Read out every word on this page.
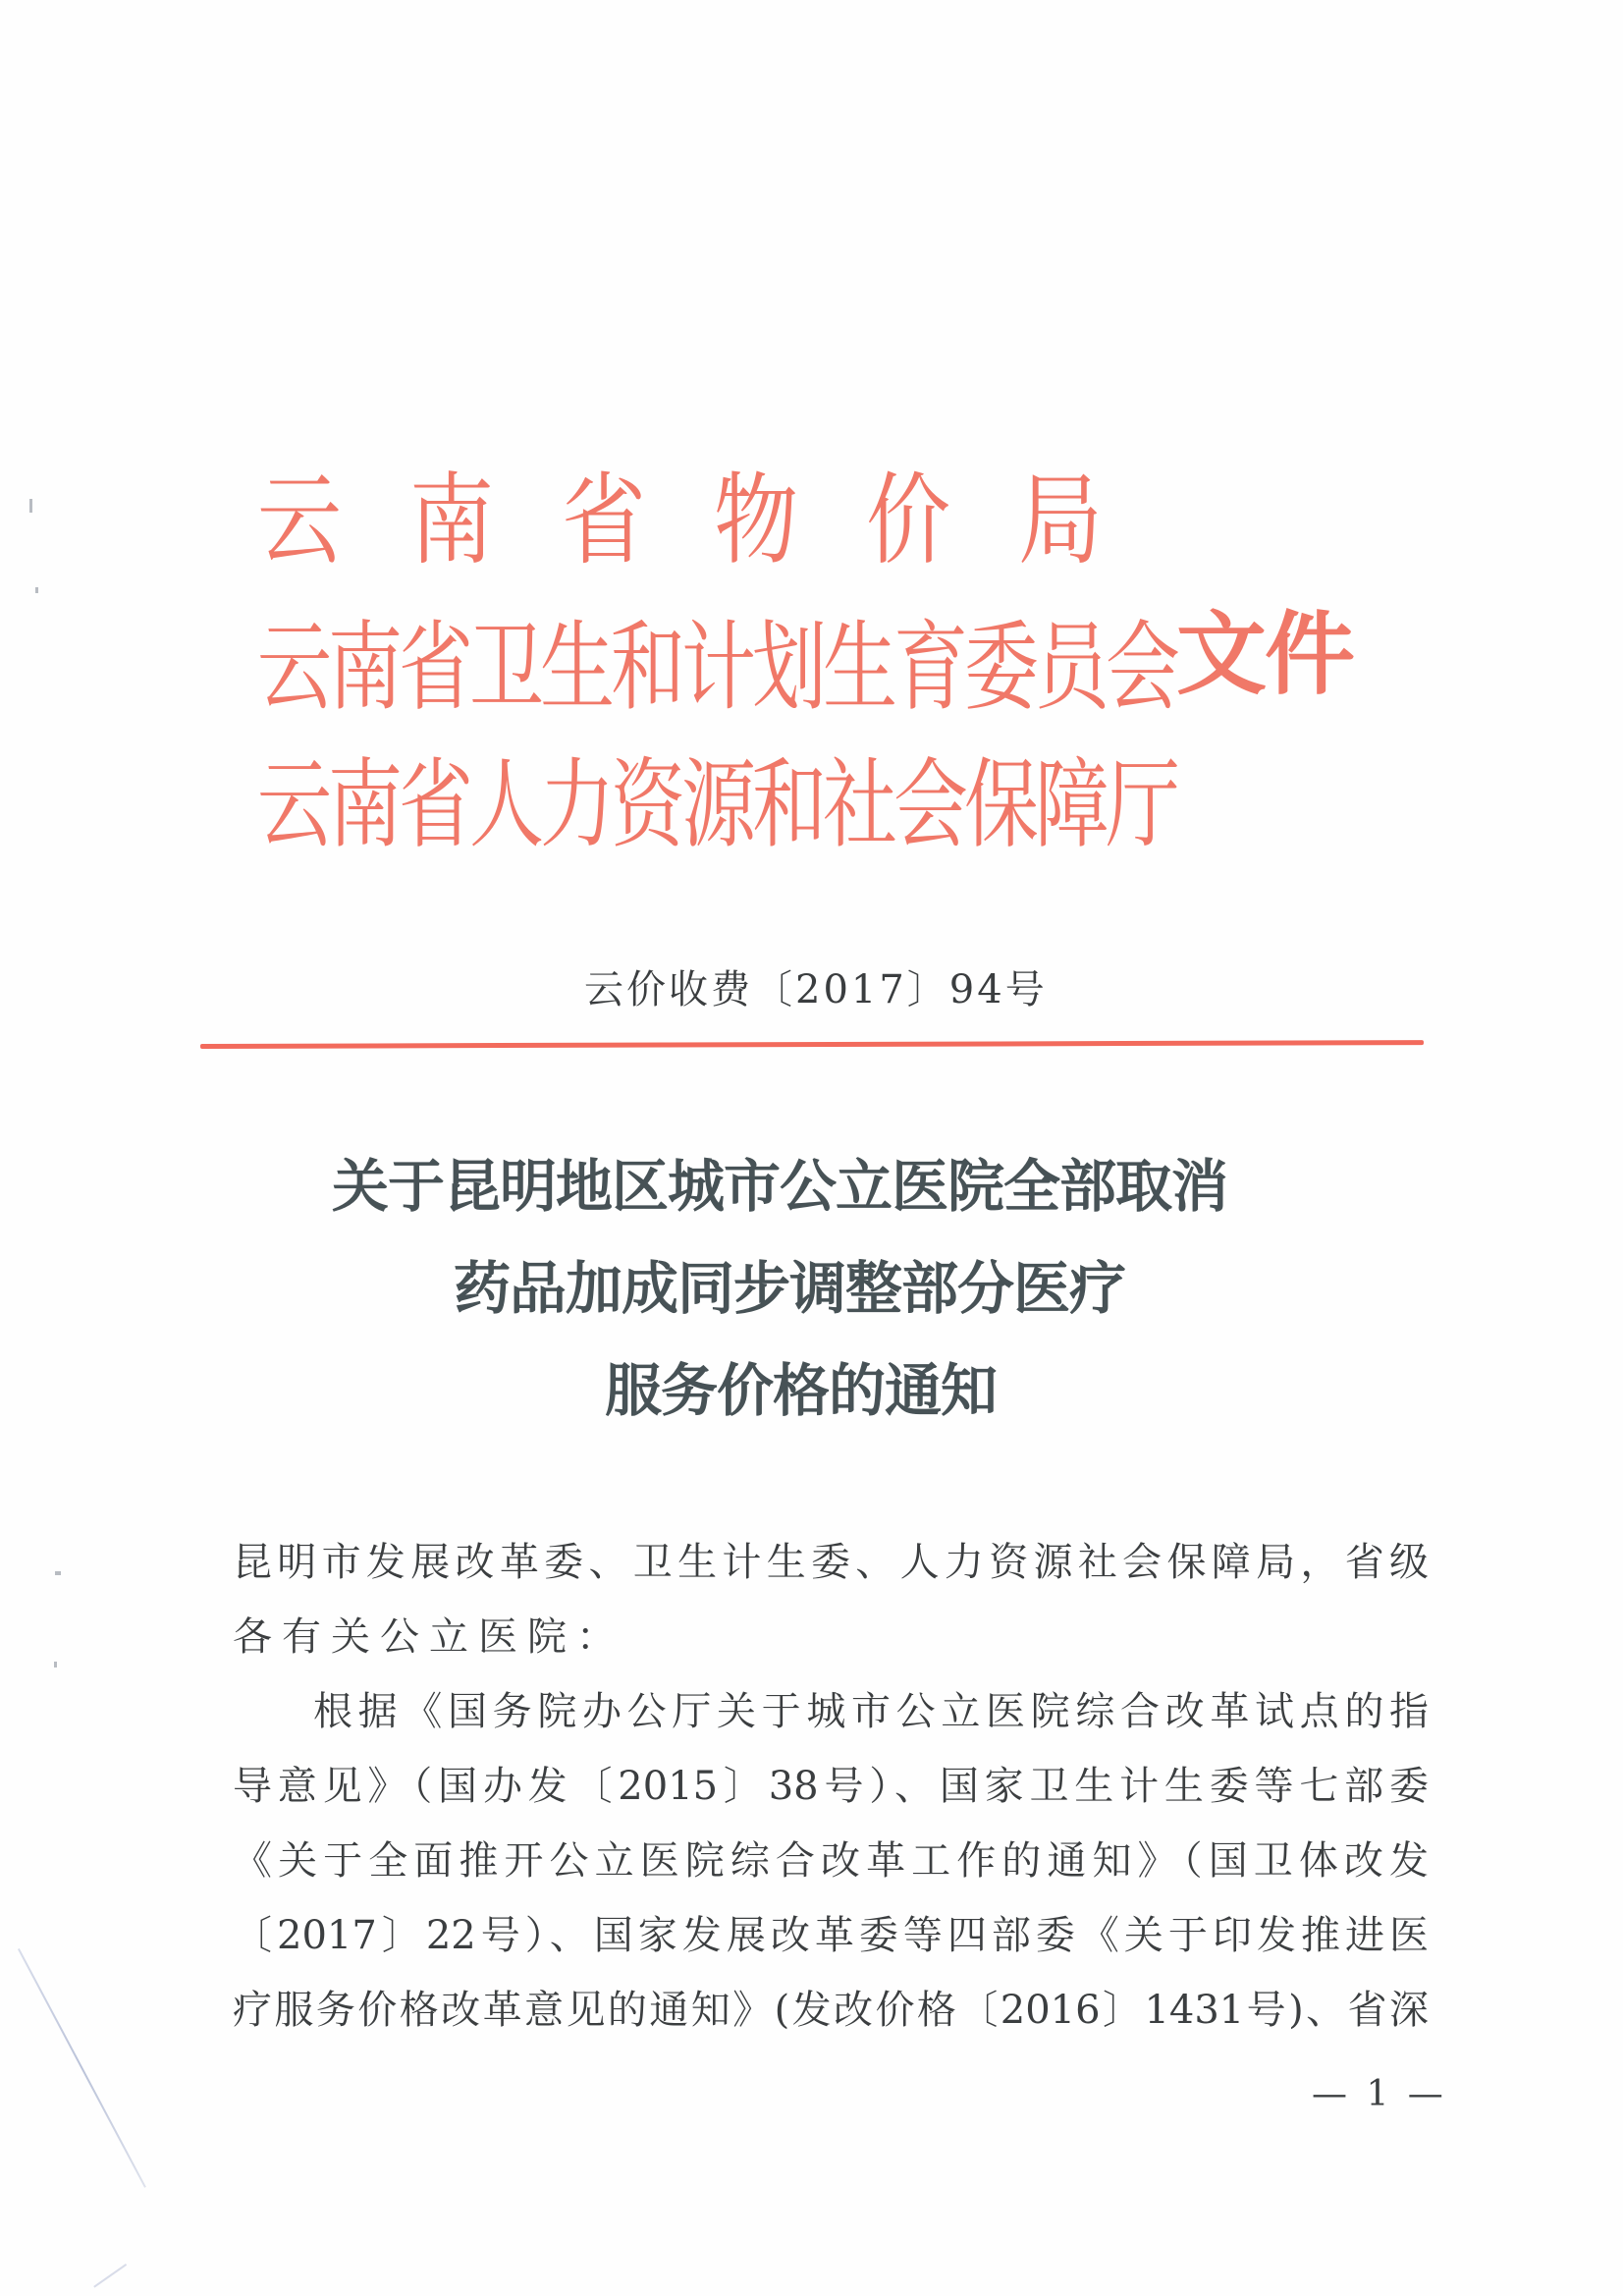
云南省物价局
云南省卫生和计划生育委员会
云南省人力资源和社会保障厅
文件
云价收费〔2017〕94号
关于昆明地区城市公立医院全部取消
药品加成同步调整部分医疗
服务价格的通知
昆明市发展改革委、卫生计生委、人力资源社会保障局，省级
各有关公立医院：
根据《国务院办公厅关于城市公立医院综合改革试点的指
导意见》（国办发〔2015〕38号）、国家卫生计生委等七部委
《关于全面推开公立医院综合改革工作的通知》（国卫体改发
〔2017〕22号）、国家发展改革委等四部委《关于印发推进医
疗服务价格改革意见的通知》(发改价格〔2016〕1431号)、省深
— 1 —
